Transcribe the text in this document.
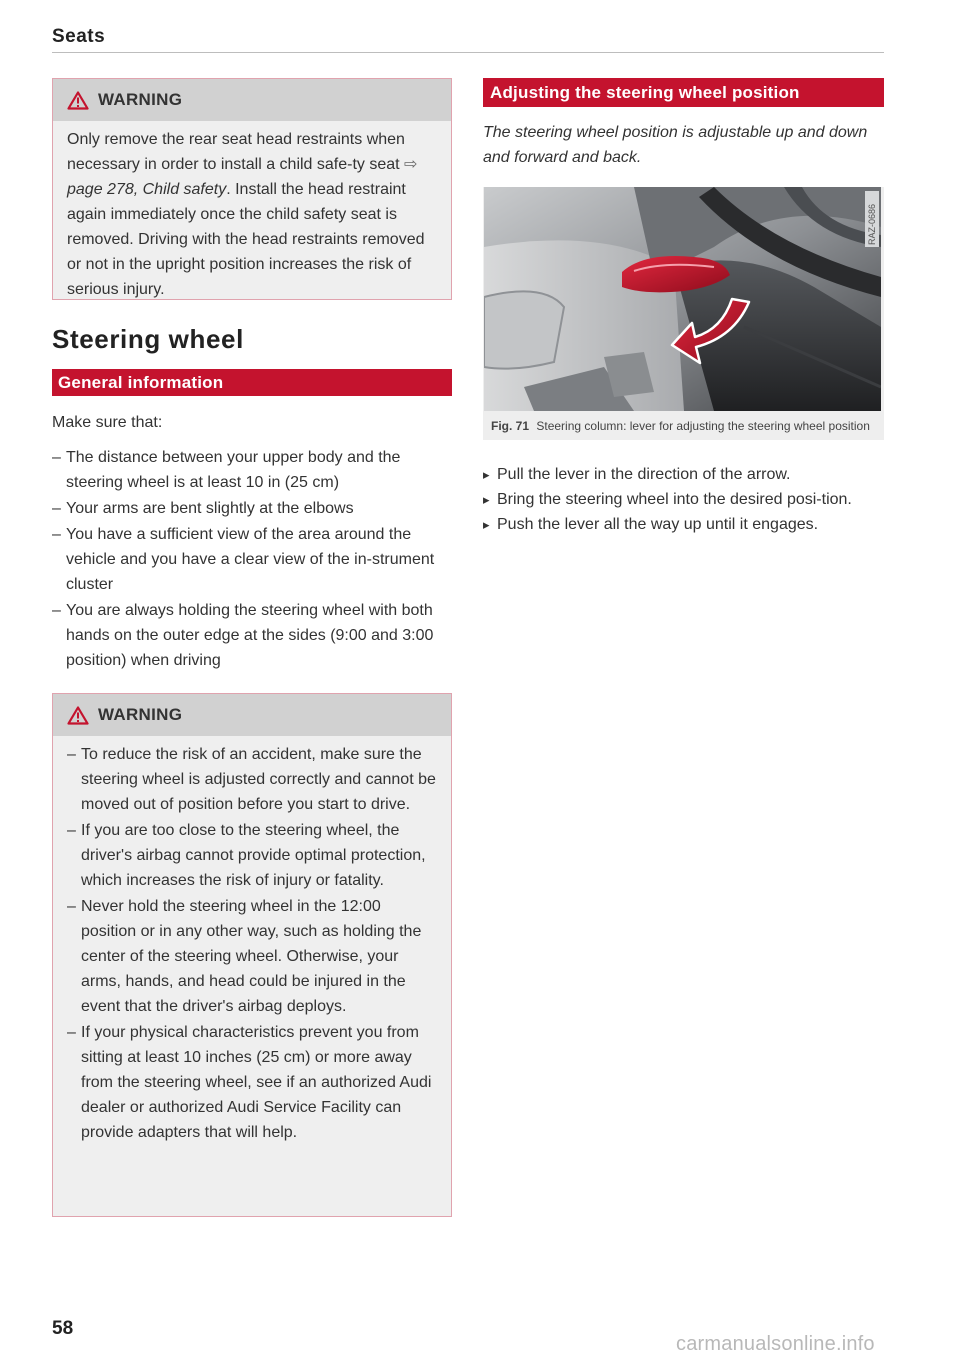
Seats
WARNING

Only remove the rear seat head restraints when necessary in order to install a child safe-ty seat ⇨ page 278, Child safety. Install the head restraint again immediately once the child safety seat is removed. Driving with the head restraints removed or not in the upright position increases the risk of serious injury.

Steering wheel
General information
Make sure that:
– The distance between your upper body and the steering wheel is at least 10 in (25 cm)
– Your arms are bent slightly at the elbows
– You have a sufficient view of the area around the vehicle and you have a clear view of the in-strument cluster
– You are always holding the steering wheel with both hands on the outer edge at the sides (9:00 and 3:00 position) when driving
WARNING
– To reduce the risk of an accident, make sure the steering wheel is adjusted correctly and cannot be moved out of position before you start to drive.
– If you are too close to the steering wheel, the driver's airbag cannot provide optimal protection, which increases the risk of injury or fatality.
– Never hold the steering wheel in the 12:00 position or in any other way, such as holding the center of the steering wheel. Otherwise, your arms, hands, and head could be injured in the event that the driver's airbag deploys.
– If your physical characteristics prevent you from sitting at least 10 inches (25 cm) or more away from the steering wheel, see if an authorized Audi dealer or authorized Audi Service Facility can provide adapters that will help.
Adjusting the steering wheel position
The steering wheel position is adjustable up and down and forward and back.
RAZ-0686
Fig. 71 Steering column: lever for adjusting the steering wheel position
▸ Pull the lever in the direction of the arrow.
▸ Bring the steering wheel into the desired posi-tion.
▸ Push the lever all the way up until it engages.
58
carmanualsonline.info
